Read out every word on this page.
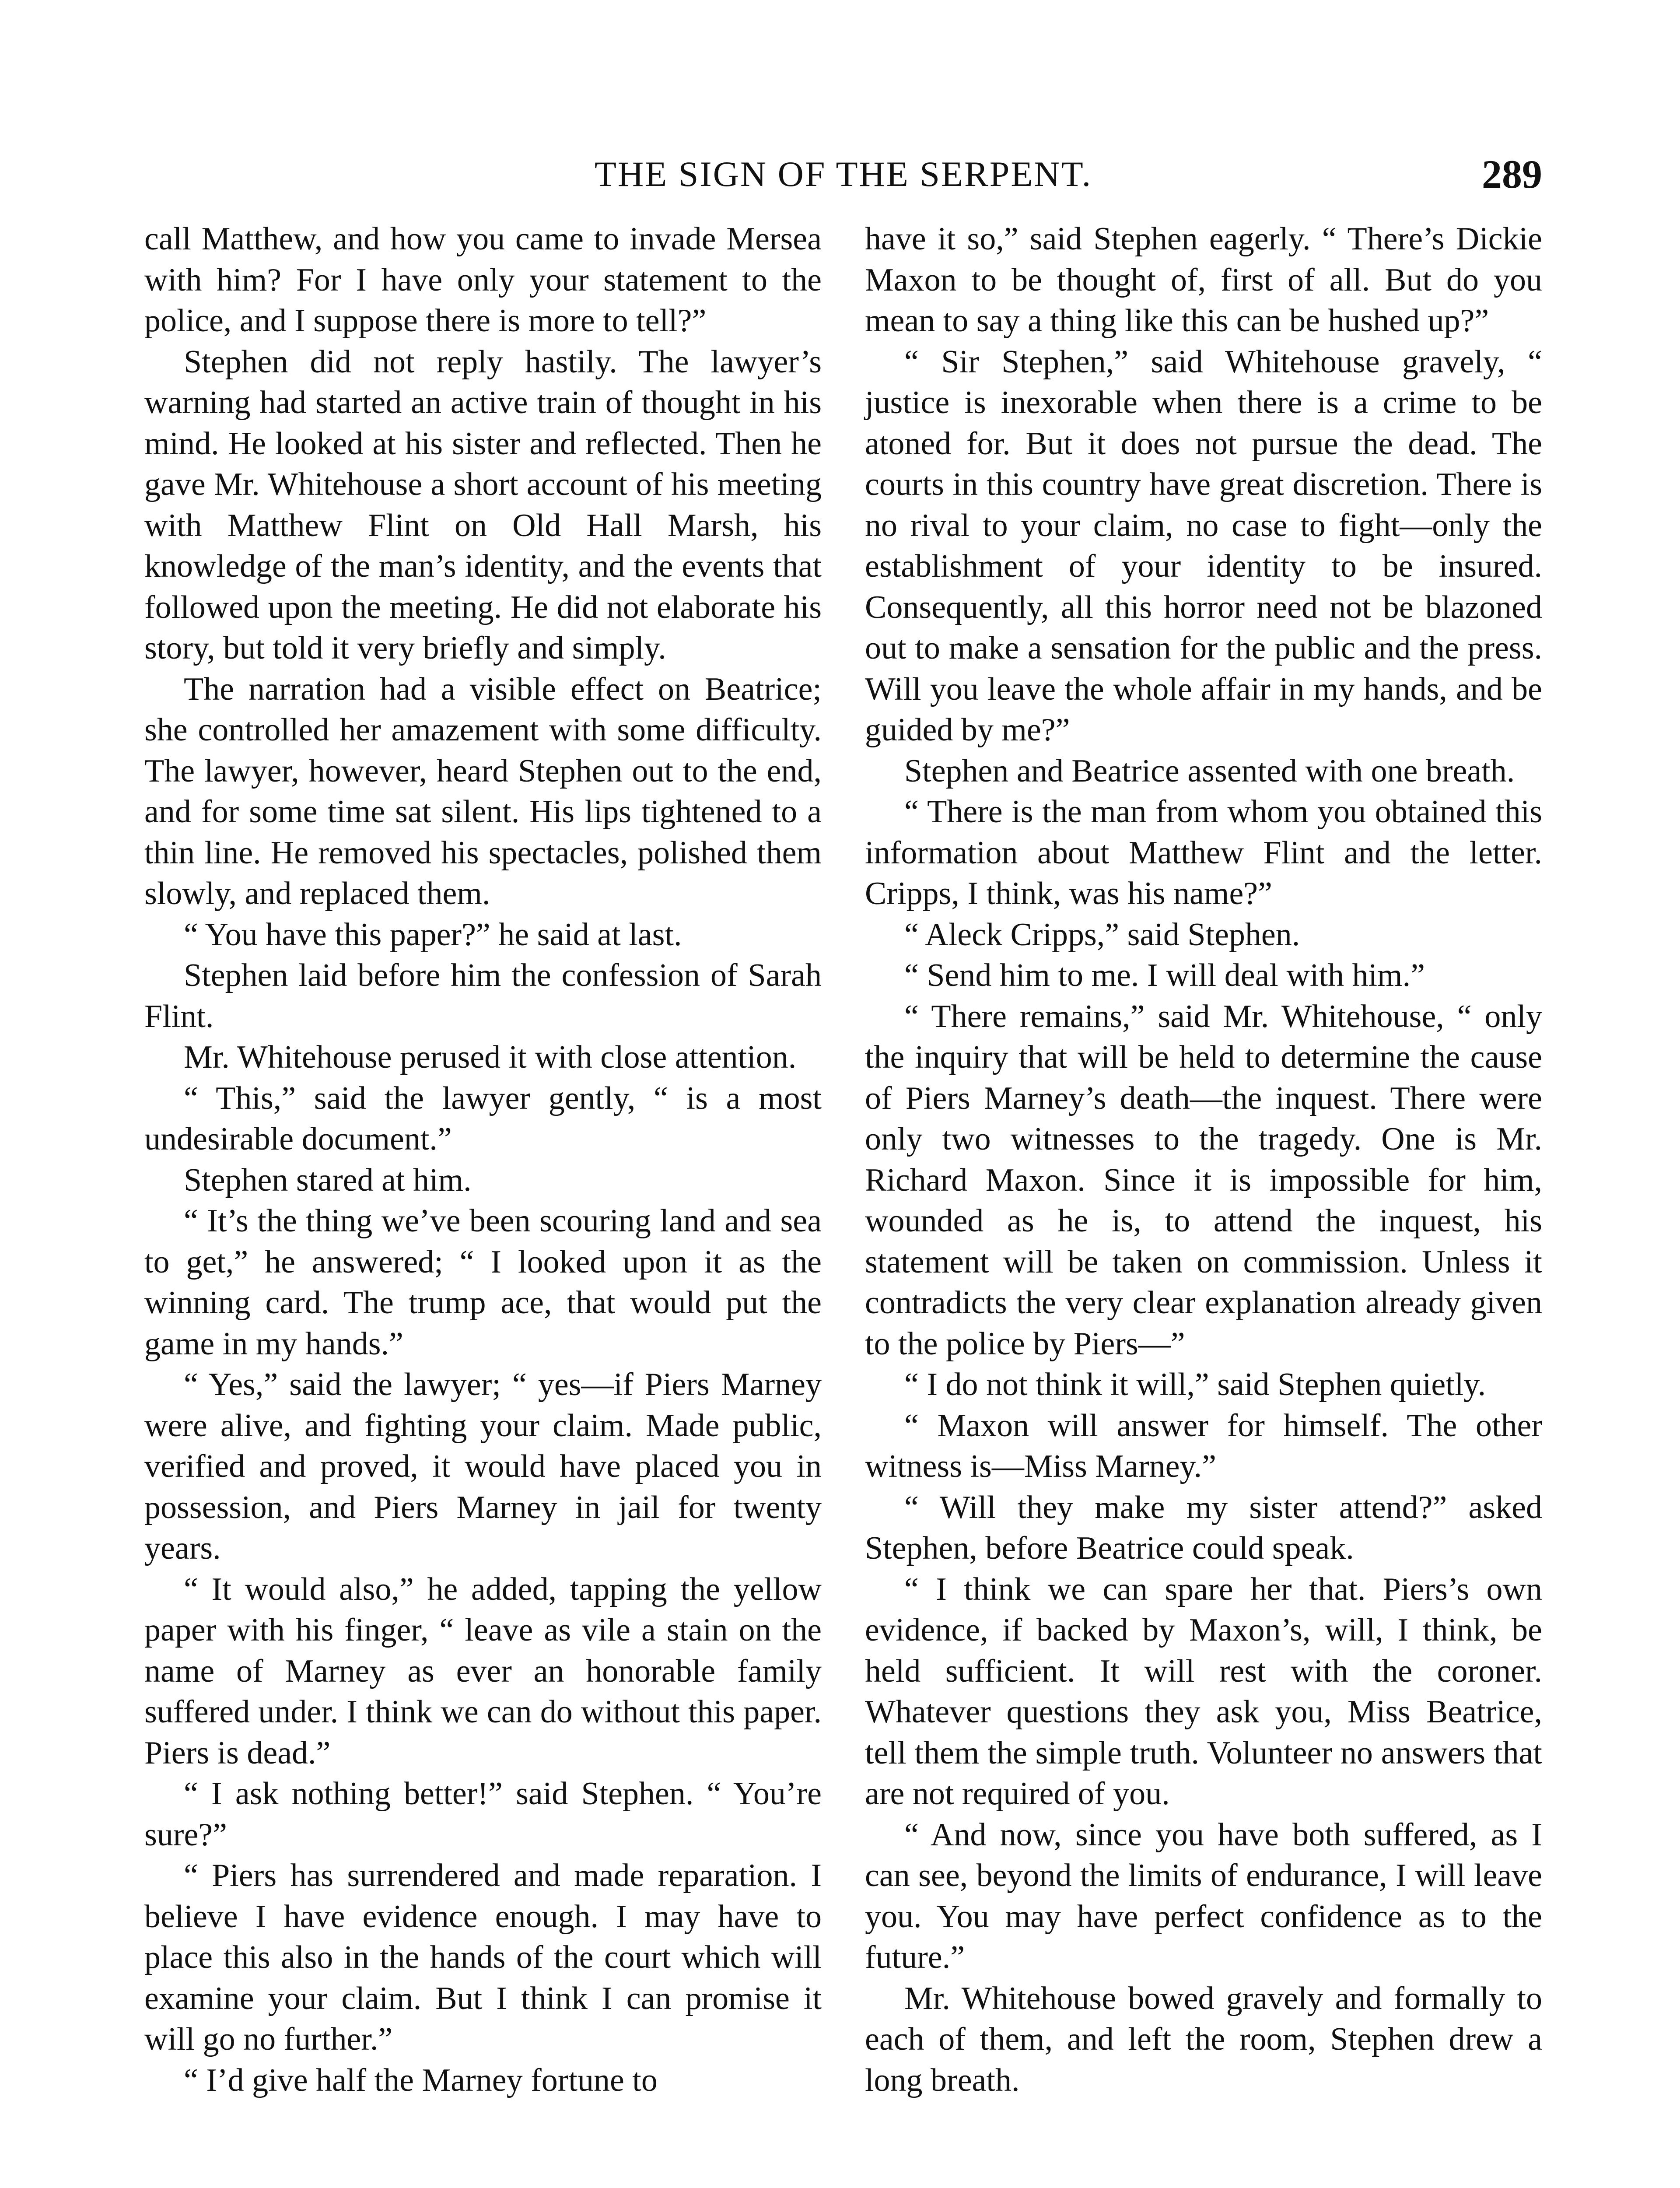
THE SIGN OF THE SERPENT.	289

call Matthew, and how you came to invade Mersea with him? For I have only your statement to the police, and I suppose there is more to tell?”

Stephen did not reply hastily. The lawyer’s warning had started an active train of thought in his mind. He looked at his sister and reflected. Then he gave Mr. Whitehouse a short account of his meeting with Matthew Flint on Old Hall Marsh, his knowledge of the man’s identity, and the events that followed upon the meeting. He did not elaborate his story, but told it very briefly and simply.

The narration had a visible effect on Beatrice; she controlled her amazement with some difficulty. The lawyer, however, heard Stephen out to the end, and for some time sat silent. His lips tightened to a thin line. He removed his spectacles, polished them slowly, and replaced them.

“ You have this paper?” he said at last.

Stephen laid before him the confession of Sarah Flint.

Mr. Whitehouse perused it with close attention.

“ This,” said the lawyer gently, “ is a most undesirable document.”

Stephen stared at him.

“ It’s the thing we’ve been scouring land and sea to get,” he answered; “ I looked upon it as the winning card. The trump ace, that would put the game in my hands.”

“ Yes,” said the lawyer; “ yes—if Piers Marney were alive, and fighting your claim. Made public, verified and proved, it would have placed you in possession, and Piers Marney in jail for twenty years.

“ It would also,” he added, tapping the yellow paper with his finger, “ leave as vile a stain on the name of Marney as ever an honorable family suffered under. I think we can do without this paper. Piers is dead.”

“ I ask nothing better!” said Stephen. “ You’re sure?”

“ Piers has surrendered and made reparation. I believe I have evidence enough. I may have to place this also in the hands of the court which will examine your claim. But I think I can promise it will go no further.”

“ I’d give half the Marney fortune to

have it so,” said Stephen eagerly. “ There’s Dickie Maxon to be thought of, first of all. But do you mean to say a thing like this can be hushed up?”

“ Sir Stephen,” said Whitehouse gravely, “ justice is inexorable when there is a crime to be atoned for. But it does not pursue the dead. The courts in this country have great discretion. There is no rival to your claim, no case to fight—only the establishment of your identity to be insured. Consequently, all this horror need not be blazoned out to make a sensation for the public and the press. Will you leave the whole affair in my hands, and be guided by me?”

Stephen and Beatrice assented with one breath.

“ There is the man from whom you obtained this information about Matthew Flint and the letter. Cripps, I think, was his name?”

“ Aleck Cripps,” said Stephen.

“ Send him to me. I will deal with him.”

“ There remains,” said Mr. Whitehouse, “ only the inquiry that will be held to determine the cause of Piers Marney’s death—the inquest. There were only two witnesses to the tragedy. One is Mr. Richard Maxon. Since it is impossible for him, wounded as he is, to attend the inquest, his statement will be taken on commission. Unless it contradicts the very clear explanation already given to the police by Piers—”

“ I do not think it will,” said Stephen quietly.

“ Maxon will answer for himself. The other witness is—Miss Marney.”

“ Will they make my sister attend?” asked Stephen, before Beatrice could speak.

“ I think we can spare her that. Piers’s own evidence, if backed by Maxon’s, will, I think, be held sufficient. It will rest with the coroner. Whatever questions they ask you, Miss Beatrice, tell them the simple truth. Volunteer no answers that are not required of you.

“ And now, since you have both suffered, as I can see, beyond the limits of endurance, I will leave you. You may have perfect confidence as to the future.”

Mr. Whitehouse bowed gravely and formally to each of them, and left the room, Stephen drew a long breath.
